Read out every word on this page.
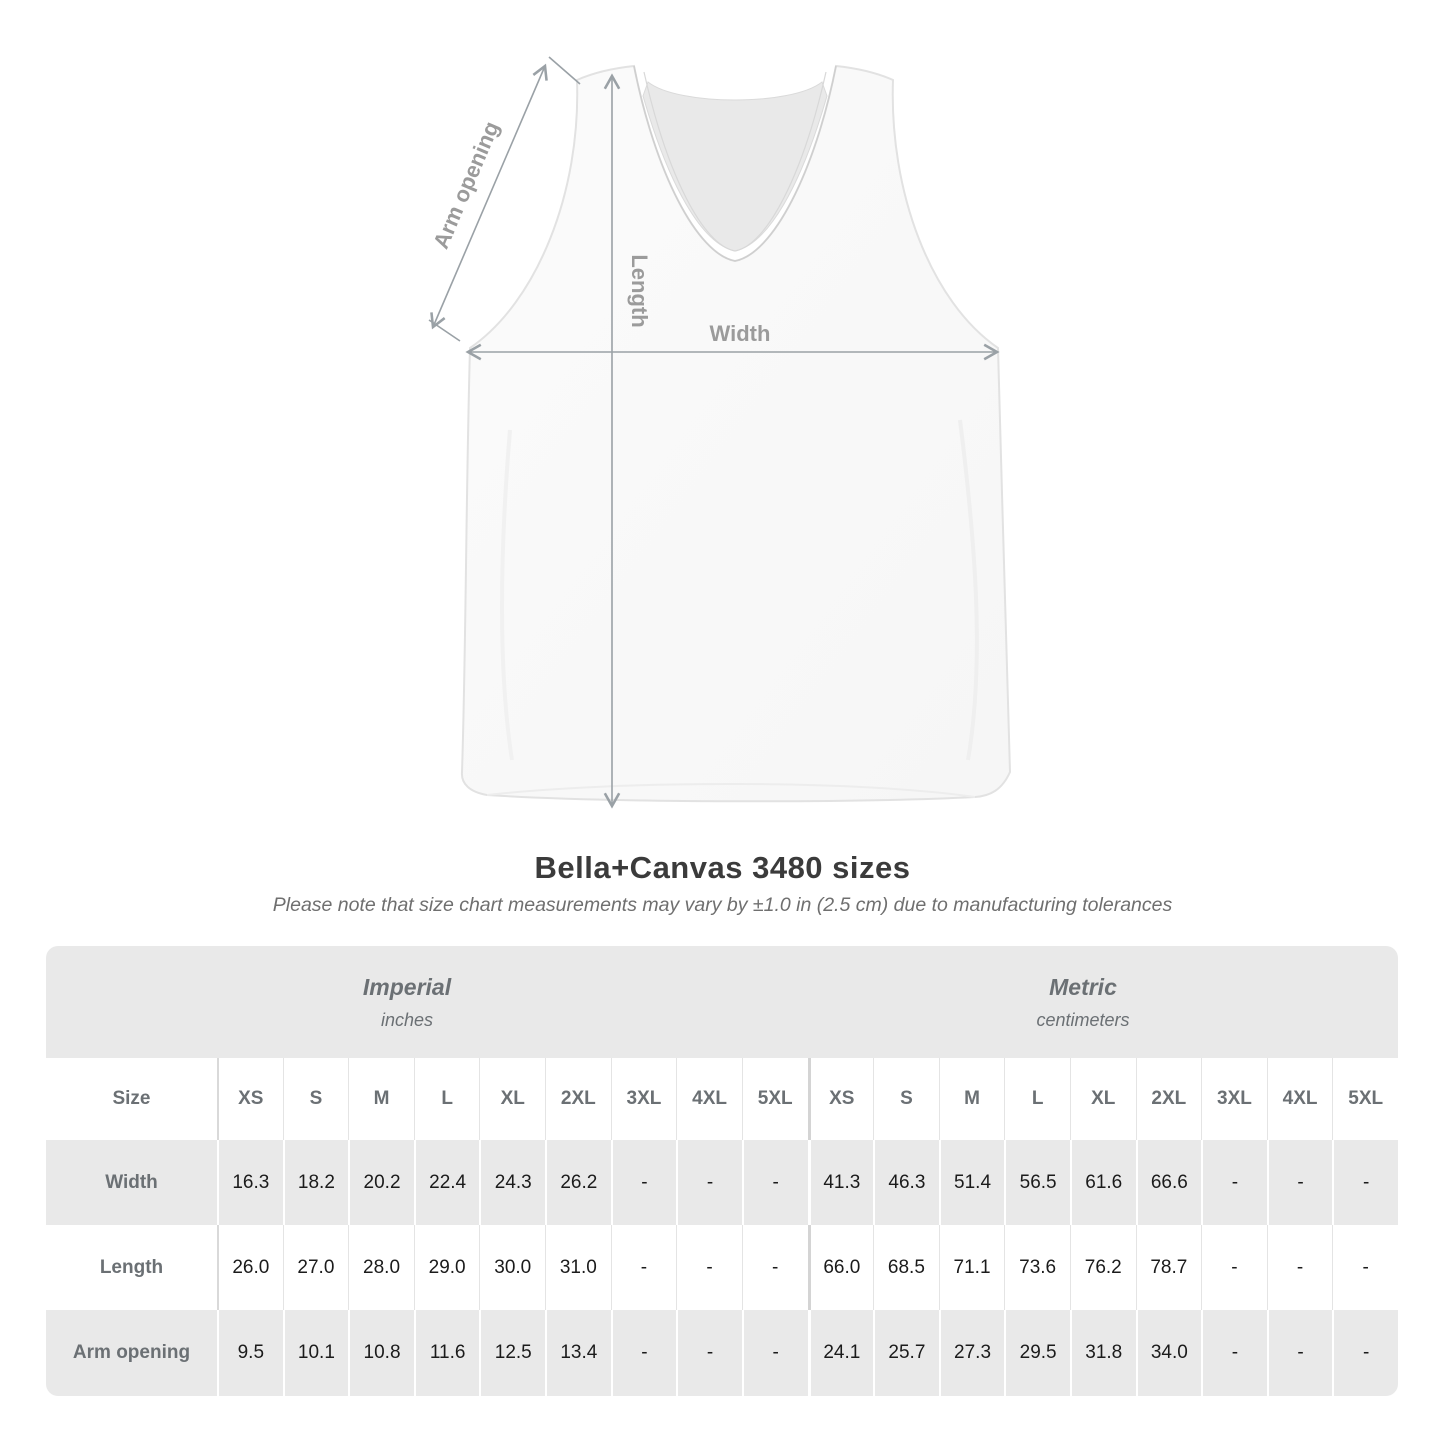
Arm opening
Length
Width
Bella+Canvas 3480 sizes
Please note that size chart measurements may vary by ±1.0 in (2.5 cm) due to manufacturing tolerances
Imperial
inches
Metric
centimeters
Size	XS	S	M	L	XL	2XL	3XL	4XL	5XL	XS	S	M	L	XL	2XL	3XL	4XL	5XL
Width	16.3	18.2	20.2	22.4	24.3	26.2	-	-	-	41.3	46.3	51.4	56.5	61.6	66.6	-	-	-
Length	26.0	27.0	28.0	29.0	30.0	31.0	-	-	-	66.0	68.5	71.1	73.6	76.2	78.7	-	-	-
Arm opening	9.5	10.1	10.8	11.6	12.5	13.4	-	-	-	24.1	25.7	27.3	29.5	31.8	34.0	-	-	-
